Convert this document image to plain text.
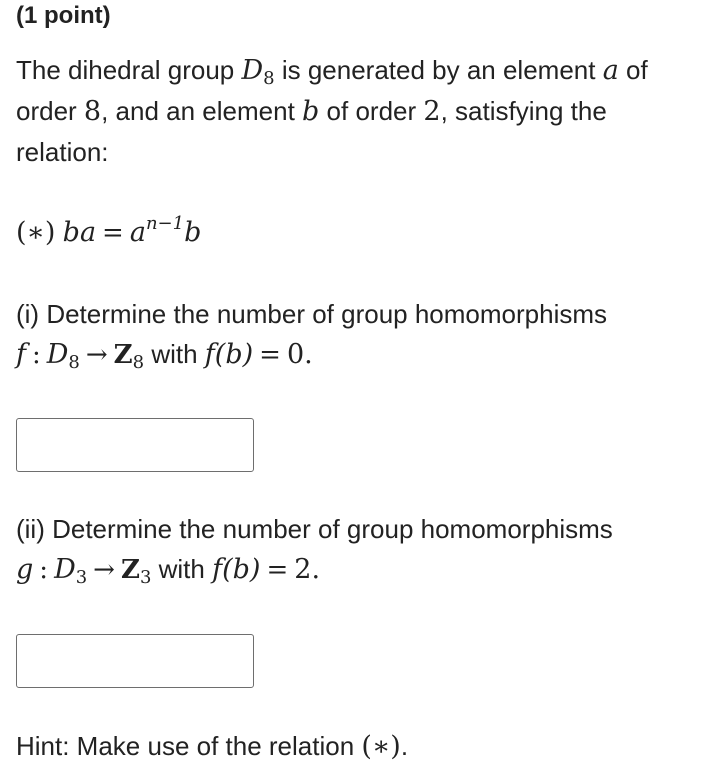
(1 point)

The dihedral group $D_8$ is generated by an element a of order 8, and an element b of order 2, satisfying the relation:

(∗) ba = $a^{n-1}b$

(i) Determine the number of group homomorphisms
f : $D_8 \to Z_8$ with f(b) = 0.

(ii) Determine the number of group homomorphisms
g : $D_3 \to Z_3$ with f(b) = 2.

Hint: Make use of the relation (∗).
